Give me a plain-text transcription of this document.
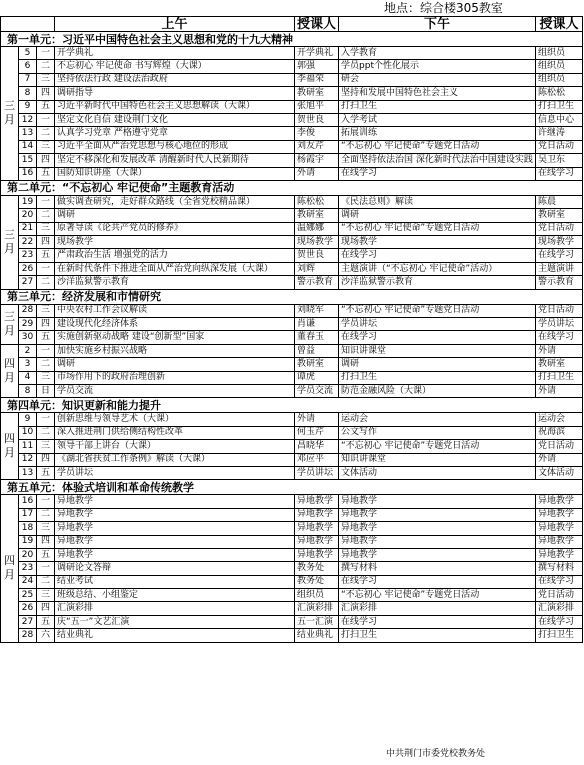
地点：综合楼305教室
			上午	授课人	下午	授课人
第一单元：习近平中国特色社会主义思想和党的十九大精神						
三月	5	一	开学典礼	开学典礼	入学教育	组织员
	6	二	不忘初心 牢记使命 书写辉煌（大课）	郭强	学员ppt个性化展示	组织员
	7	三	坚持依法行政 建设法治政府	李福荣	研会	组织员
	8	四	调研指导	教研室	坚持和发展中国特色社会主义	陈松松
	9	五	习近平新时代中国特色社会主义思想解读（大课）	张旭平	打扫卫生	打扫卫生
	12	一	坚定文化自信 建设荆门文化	贺世良	入学考试	信息中心
	13	二	认真学习党章 严格遵守党章	李俊	拓展训练	许继涛
	14	三	习近平全面从严治党思想与核心地位的形成	刘友芹	“不忘初心 牢记使命”专题党日活动	党日活动
	15	四	坚定不移深化和发展改革 清醒新时代人民新期待	杨霞宇	全面坚持依法治国 深化新时代法治中国建设实践	吴卫东
	16	五	国防知识讲座（大课）	外请	在线学习	在线学习
第二单元：“不忘初心 牢记使命”主题教育活动						
三月	19	一	做实调查研究，走好群众路线（全省党校精品课）	陈松松	《民法总则》解读	陈晨
	20	二	调研	教研室	调研	教研室
	21	三	原著导读《论共产党员的修养》	温娜娜	“不忘初心 牢记使命”专题党日活动	党日活动
	22	四	现场教学	现场教学	现场教学	现场教学
	23	五	严肃政治生活 增强党的活力	贺世良	在线学习	在线学习
	26	一	在新时代条件下推进全面从严治党向纵深发展（大课）	刘辉	主题演讲（“不忘初心 牢记使命”活动）	主题演讲
	27	二	沙洋监狱警示教育	警示教育	沙洋监狱警示教育	警示教育
第三单元：经济发展和市情研究						
三月	28	三	中央农村工作会议解读	刘晓军	“不忘初心 牢记使命”专题党日活动	党日活动
	29	四	建设现代化经济体系	肖谦	学员讲坛	学员讲坛
	30	五	实施创新驱动战略 建设“创新型”国家	董春玉	在线学习	在线学习
四月	2	一	加快实施乡村振兴战略	曾益	知识讲课堂	外请
	3	二	调研	教研室	调研	教研室
	4	三	市场作用下的政府治理创新	谭虎	打扫卫生	打扫卫生
	8	日	学员交流	学员交流	防范金融风险（大课）	外请
第四单元：知识更新和能力提升						
四月	9	一	创新思维与领导艺术（大课）	外请	运动会	运动会
	10	二	深入推进荆门供给侧结构性改革	何玉芹	公文写作	祝海滨
	11	三	领导干部上讲台（大课）	昌晓华	“不忘初心 牢记使命”专题党日活动	党日活动
	12	四	《湖北省扶贫工作条例》解读（大课）	邓应平	知识讲课堂	外请
	13	五	学员讲坛	学员讲坛	文体活动	文体活动
第五单元：体验式培训和革命传统教学						
四月	16	一	异地教学	异地教学	异地教学	异地教学
	17	二	异地教学	异地教学	异地教学	异地教学
	18	三	异地教学	异地教学	异地教学	异地教学
	19	四	异地教学	异地教学	异地教学	异地教学
	20	五	异地教学	异地教学	异地教学	异地教学
	23	一	调研论文答辩	教务处	撰写材料	撰写材料
	24	二	结业考试	教务处	在线学习	在线学习
	25	三	班级总结、小组鉴定	组织员	“不忘初心 牢记使命”专题党日活动	党日活动
	26	四	汇演彩排	汇演彩排	汇演彩排	汇演彩排
	27	五	庆“五一”文艺汇演	五一汇演	在线学习	在线学习
	28	六	结业典礼	结业典礼	打扫卫生	打扫卫生
中共荆门市委党校教务处
